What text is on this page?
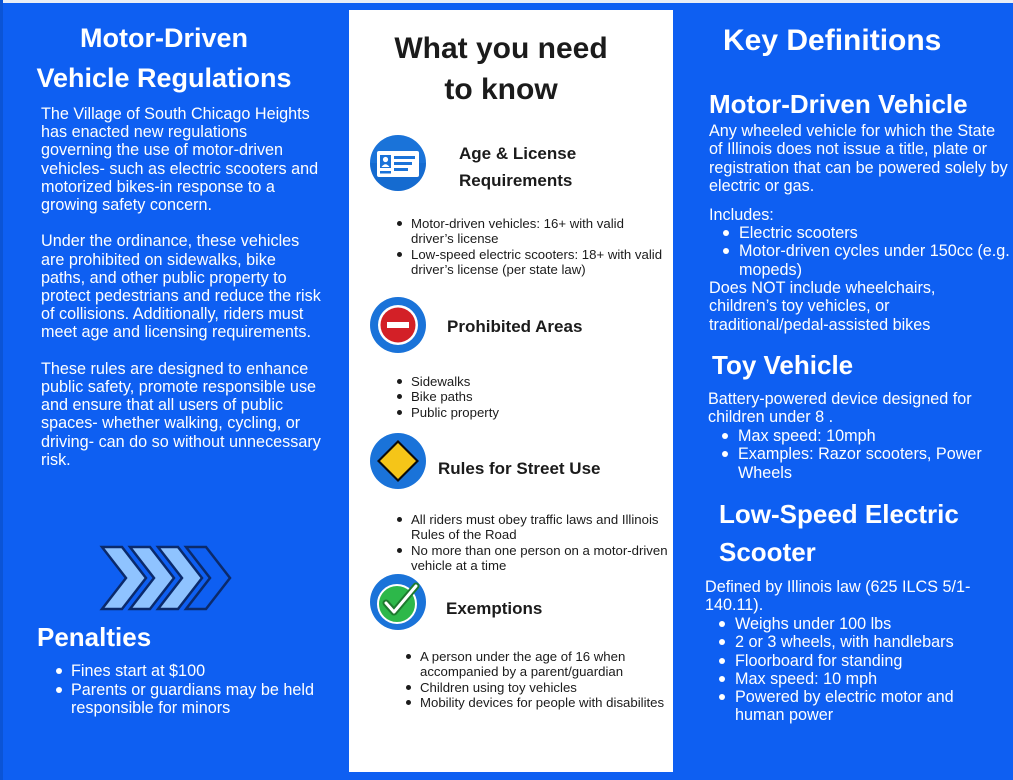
Motor-Driven
Vehicle Regulations
The Village of South Chicago Heights has enacted new regulations governing the use of motor-driven vehicles- such as electric scooters and motorized bikes-in response to a growing safety concern.

Under the ordinance, these vehicles are prohibited on sidewalks, bike paths, and other public property to protect pedestrians and reduce the risk of collisions. Additionally, riders must meet age and licensing requirements.

These rules are designed to enhance public safety, promote responsible use and ensure that all users of public spaces- whether walking, cycling, or driving- can do so without unnecessary risk.
Penalties
Fines start at $100
Parents or guardians may be held responsible for minors
What you need
to know
Age & License
Requirements
Motor-driven vehicles: 16+ with valid driver’s license
Low-speed electric scooters: 18+ with valid driver’s license (per state law)
Prohibited Areas
Sidewalks
Bike paths
Public property
Rules for Street Use
All riders must obey traffic laws and Illinois Rules of the Road
No more than one person on a motor-driven vehicle at a time
Exemptions
A person under the age of 16 when accompanied by a parent/guardian
Children using toy vehicles
Mobility devices for people with disabilites
Key Definitions
Motor-Driven Vehicle
Any wheeled vehicle for which the State of Illinois does not issue a title, plate or registration that can be powered solely by electric or gas.
Includes:
Electric scooters
Motor-driven cycles under 150cc (e.g. mopeds)
Does NOT include wheelchairs, children’s toy vehicles, or traditional/pedal-assisted bikes
Toy Vehicle
Battery-powered device designed for children under 8 .
Max speed: 10mph
Examples: Razor scooters, Power Wheels
Low-Speed Electric
Scooter
Defined by Illinois law (625 ILCS 5/1-140.11).
Weighs under 100 lbs
2 or 3 wheels, with handlebars
Floorboard for standing
Max speed: 10 mph
Powered by electric motor and human power
